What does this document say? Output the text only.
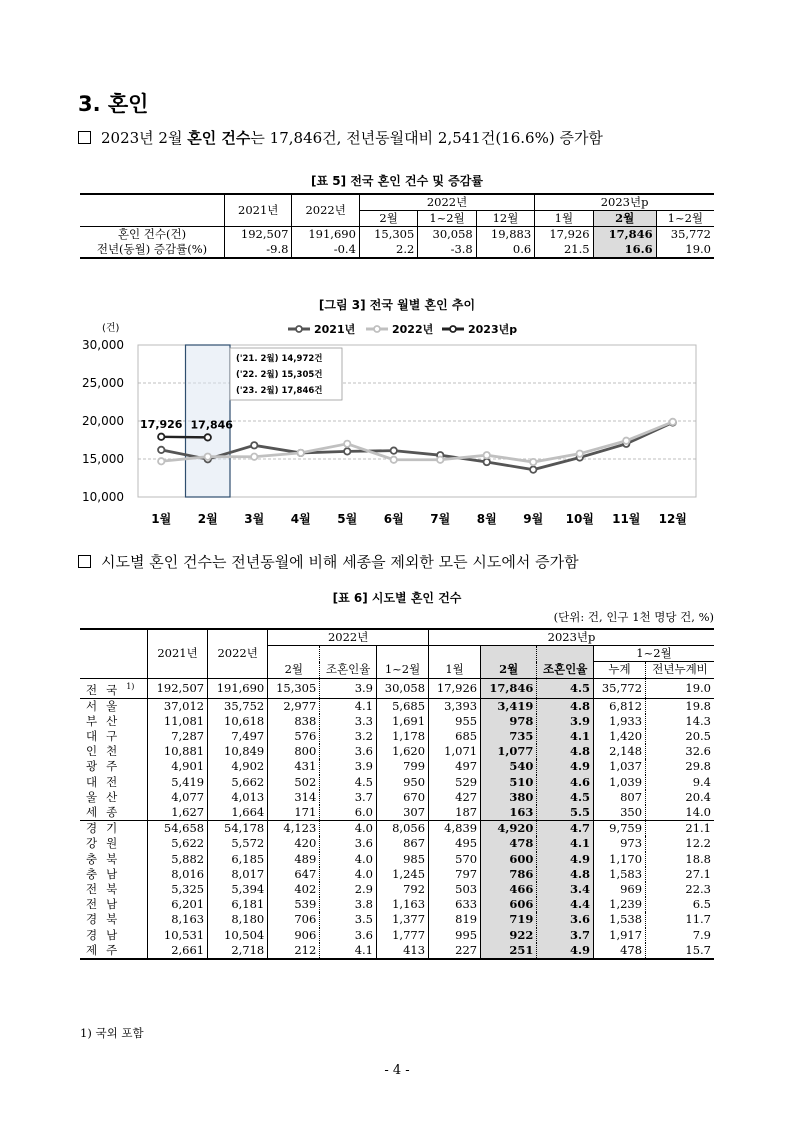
3. 혼인
2023년 2월 혼인 건수는 17,846건, 전년동월대비 2,541건(16.6%) 증가함
[표 5] 전국 혼인 건수 및 증감률
	2021년	2022년	2022년			2023년p		
			2월	1~2월	12월	1월	2월	1~2월
혼인 건수(건)	192,507	191,690	15,305	30,058	19,883	17,926	17,846	35,772
전년(동월) 증감률(%)	-9.8	-0.4	2.2	-3.8	0.6	21.5	16.6	19.0
[그림 3] 전국 월별 혼인 추이
(건)	2021년	2022년	2023년p
10,000
15,000
20,000
25,000
30,000
17,926 17,846
1월 2월 3월 4월 5월 6월 7월 8월 9월 10월 11월 12월
('21. 2월) 14,972건
('22. 2월) 15,305건
('23. 2월) 17,846건
시도별 혼인 건수는 전년동월에 비해 세종을 제외한 모든 시도에서 증가함
[표 6] 시도별 혼인 건수
(단위: 건, 인구 1천 명당 건, %)
	2021년	2022년	2022년			2023년p				
			2월	조혼인율	1~2월	1월	2월	조혼인율	1~2월	
									누계	전년누계비
전국$^{1)}$	192,507	191,690	15,305	3.9	30,058	17,926	17,846	4.5	35,772	19.0
서울	37,012	35,752	2,977	4.1	5,685	3,393	3,419	4.8	6,812	19.8
부산	11,081	10,618	838	3.3	1,691	955	978	3.9	1,933	14.3
대구	7,287	7,497	576	3.2	1,178	685	735	4.1	1,420	20.5
인천	10,881	10,849	800	3.6	1,620	1,071	1,077	4.8	2,148	32.6
광주	4,901	4,902	431	3.9	799	497	540	4.9	1,037	29.8
대전	5,419	5,662	502	4.5	950	529	510	4.6	1,039	9.4
울산	4,077	4,013	314	3.7	670	427	380	4.5	807	20.4
세종	1,627	1,664	171	6.0	307	187	163	5.5	350	14.0
경기	54,658	54,178	4,123	4.0	8,056	4,839	4,920	4.7	9,759	21.1
강원	5,622	5,572	420	3.6	867	495	478	4.1	973	12.2
충북	5,882	6,185	489	4.0	985	570	600	4.9	1,170	18.8
충남	8,016	8,017	647	4.0	1,245	797	786	4.8	1,583	27.1
전북	5,325	5,394	402	2.9	792	503	466	3.4	969	22.3
전남	6,201	6,181	539	3.8	1,163	633	606	4.4	1,239	6.5
경북	8,163	8,180	706	3.5	1,377	819	719	3.6	1,538	11.7
경남	10,531	10,504	906	3.6	1,777	995	922	3.7	1,917	7.9
제주	2,661	2,718	212	4.1	413	227	251	4.9	478	15.7
1) 국외 포함
- 4 -
